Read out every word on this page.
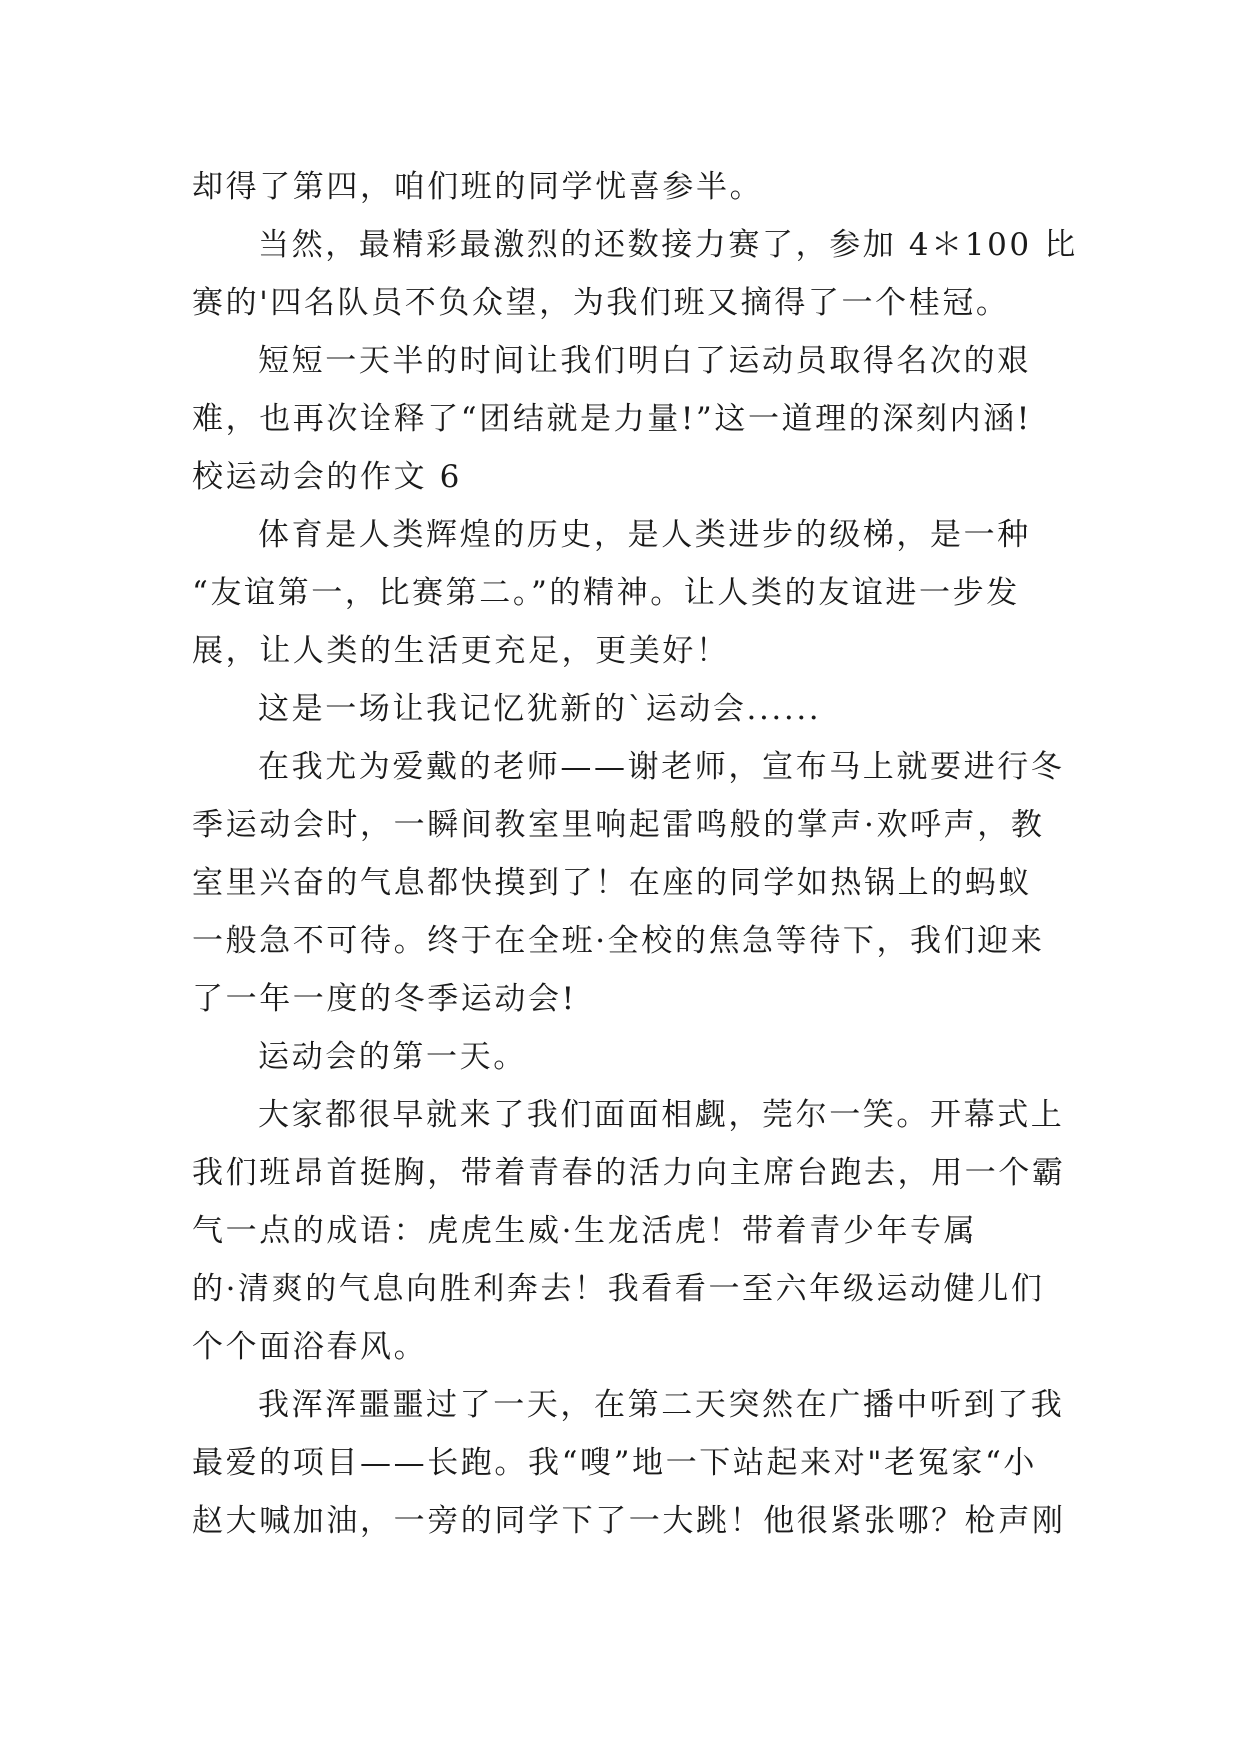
却得了第四，咱们班的同学忧喜参半。
当然，最精彩最激烈的还数接力赛了，参加 4＊100 比
赛的'四名队员不负众望，为我们班又摘得了一个桂冠。
短短一天半的时间让我们明白了运动员取得名次的艰
难，也再次诠释了“团结就是力量!”这一道理的深刻内涵!
校运动会的作文 6
体育是人类辉煌的历史，是人类进步的级梯，是一种
“友谊第一，比赛第二。”的精神。让人类的友谊进一步发
展，让人类的生活更充足，更美好！
这是一场让我记忆犹新的`运动会......
在我尤为爱戴的老师——谢老师，宣布马上就要进行冬
季运动会时，一瞬间教室里响起雷鸣般的掌声·欢呼声，教
室里兴奋的气息都快摸到了！在座的同学如热锅上的蚂蚁
一般急不可待。终于在全班·全校的焦急等待下，我们迎来
了一年一度的冬季运动会!
运动会的第一天。
大家都很早就来了我们面面相觑，莞尔一笑。开幕式上
我们班昂首挺胸，带着青春的活力向主席台跑去，用一个霸
气一点的成语：虎虎生威·生龙活虎！带着青少年专属
的·清爽的气息向胜利奔去！我看看一至六年级运动健儿们
个个面浴春风。
我浑浑噩噩过了一天，在第二天突然在广播中听到了我
最爱的项目——长跑。我“嗖”地一下站起来对"老冤家“小
赵大喊加油，一旁的同学下了一大跳！他很紧张哪？枪声刚
